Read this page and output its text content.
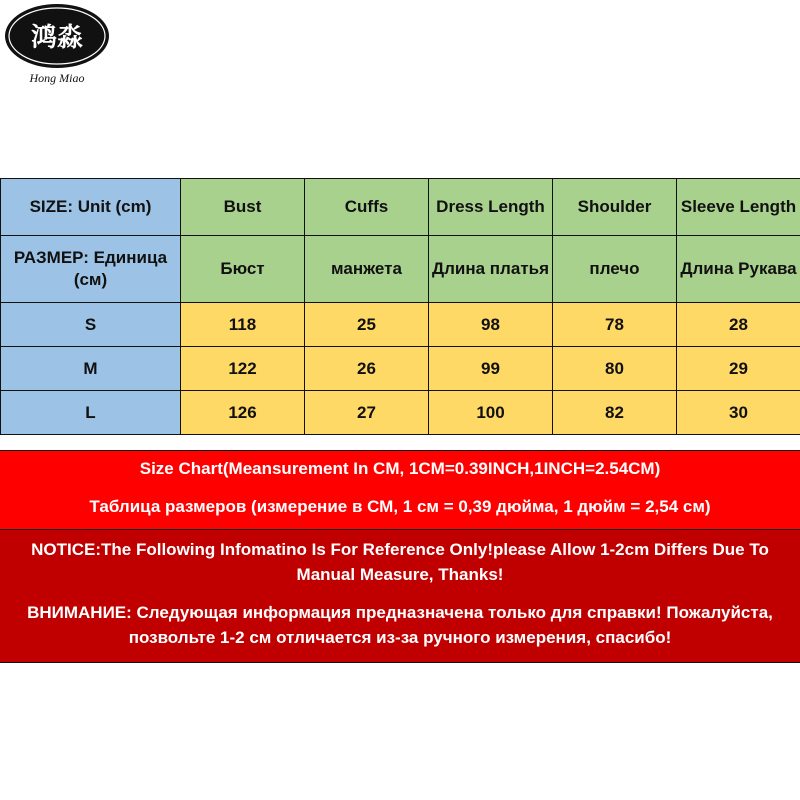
鸿淼
Hong Miao
SIZE: Unit (cm)	Bust	Cuffs	Dress Length	Shoulder	Sleeve Length
РАЗМЕР: Единица (см)	Бюст	манжета	Длина платья	плечо	Длина Рукава
S	118	25	98	78	28
M	122	26	99	80	29
L	126	27	100	82	30
Size Chart(Meansurement In CM, 1CM=0.39INCH,1INCH=2.54CM)
Таблица размеров (измерение в СМ, 1 см = 0,39 дюйма, 1 дюйм = 2,54 см)
NOTICE:The Following Infomatino Is For Reference Only!please Allow 1-2cm Differs Due To Manual Measure, Thanks!
ВНИМАНИЕ: Следующая информация предназначена только для справки! Пожалуйста, позвольте 1-2 см отличается из-за ручного измерения, спасибо!
